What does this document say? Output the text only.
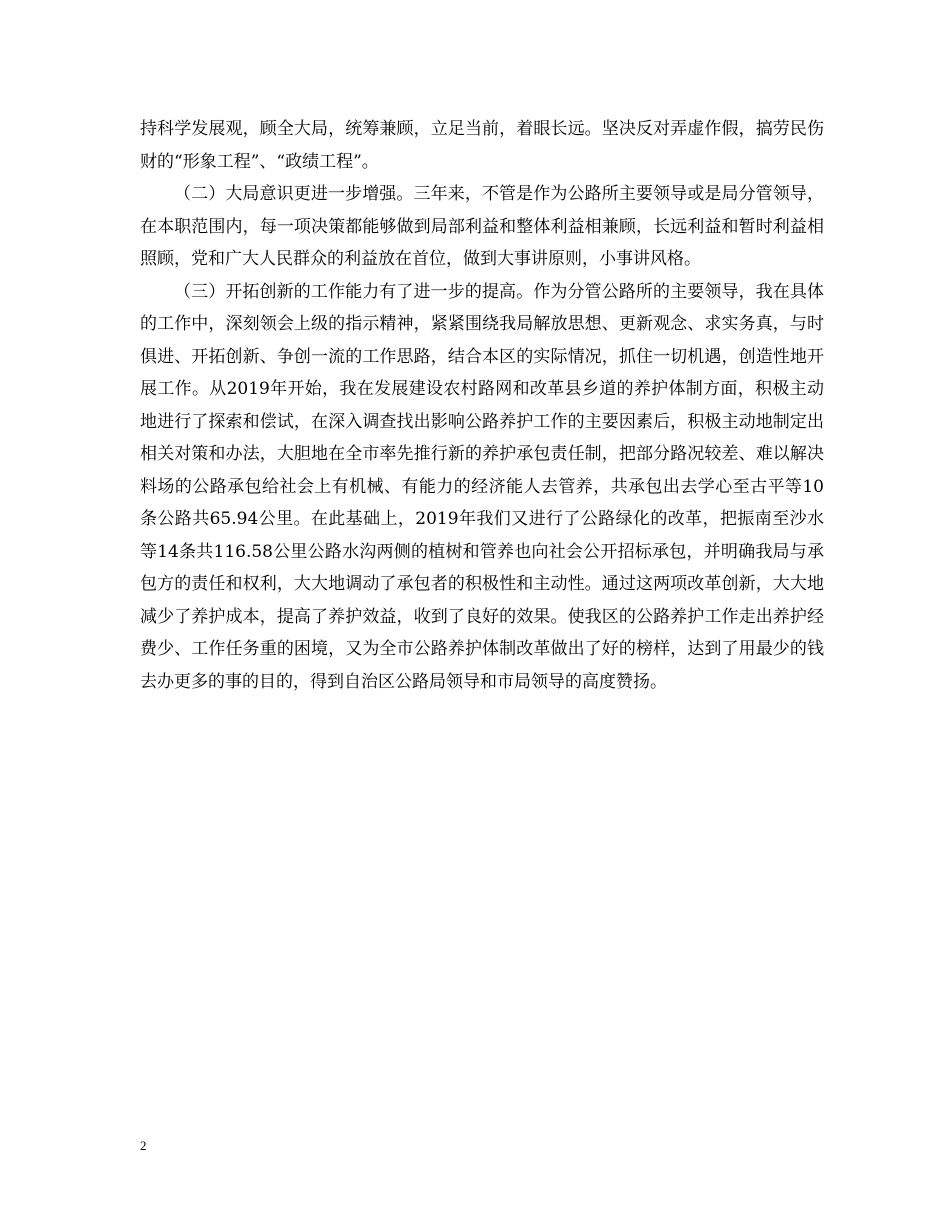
持科学发展观，顾全大局，统筹兼顾，立足当前，着眼长远。坚决反对弄虚作假，搞劳民伤财的“形象工程”、“政绩工程”。

（二）大局意识更进一步增强。三年来，不管是作为公路所主要领导或是局分管领导，在本职范围内，每一项决策都能够做到局部利益和整体利益相兼顾，长远利益和暂时利益相照顾，党和广大人民群众的利益放在首位，做到大事讲原则，小事讲风格。

（三）开拓创新的工作能力有了进一步的提高。作为分管公路所的主要领导，我在具体的工作中，深刻领会上级的指示精神，紧紧围绕我局解放思想、更新观念、求实务真，与时俱进、开拓创新、争创一流的工作思路，结合本区的实际情况，抓住一切机遇，创造性地开展工作。从2019年开始，我在发展建设农村路网和改革县乡道的养护体制方面，积极主动地进行了探索和偿试，在深入调查找出影响公路养护工作的主要因素后，积极主动地制定出相关对策和办法，大胆地在全市率先推行新的养护承包责任制，把部分路况较差、难以解决料场的公路承包给社会上有机械、有能力的经济能人去管养，共承包出去学心至古平等10条公路共65.94公里。在此基础上，2019年我们又进行了公路绿化的改革，把振南至沙水等14条共116.58公里公路水沟两侧的植树和管养也向社会公开招标承包，并明确我局与承包方的责任和权利，大大地调动了承包者的积极性和主动性。通过这两项改革创新，大大地减少了养护成本，提高了养护效益，收到了良好的效果。使我区的公路养护工作走出养护经费少、工作任务重的困境，又为全市公路养护体制改革做出了好的榜样，达到了用最少的钱去办更多的事的目的，得到自治区公路局领导和市局领导的高度赞扬。

2
